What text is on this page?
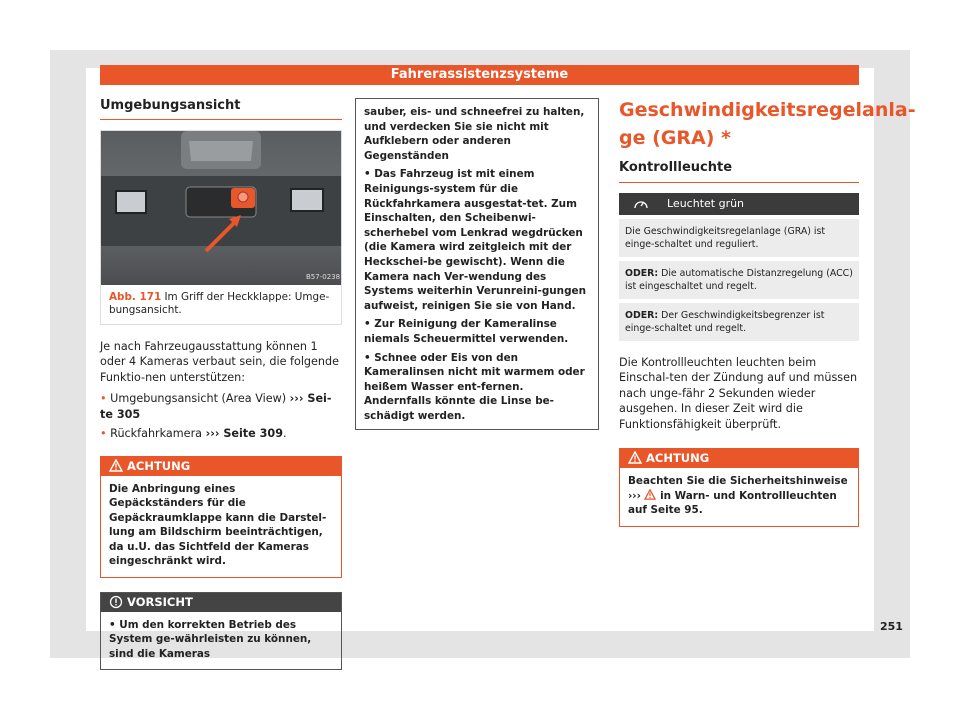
Fahrerassistenzsysteme
Umgebungsansicht
B57-0238
Abb. 171 Im Griff der Heckklappe: Umge-bungsansicht.
Je nach Fahrzeugausstattung können 1 oder 4 Kameras verbaut sein, die folgende Funktio-nen unterstützen:
• Umgebungsansicht (Area View) ››› Sei-te 305
• Rückfahrkamera ››› Seite 309.
ACHTUNG
Die Anbringung eines Gepäckständers für die Gepäckraumklappe kann die Darstel-lung am Bildschirm beeinträchtigen, da u.U. das Sichtfeld der Kameras eingeschränkt wird.
VORSICHT
• Um den korrekten Betrieb des System ge-währleisten zu können, sind die Kameras
sauber, eis- und schneefrei zu halten, und verdecken Sie sie nicht mit Aufklebern oder anderen Gegenständen
• Das Fahrzeug ist mit einem Reinigungs-system für die Rückfahrkamera ausgestat-tet. Zum Einschalten, den Scheibenwi-scherhebel vom Lenkrad wegdrücken (die Kamera wird zeitgleich mit der Heckschei-be gewischt). Wenn die Kamera nach Ver-wendung des Systems weiterhin Verunreini-gungen aufweist, reinigen Sie sie von Hand.
• Zur Reinigung der Kameralinse niemals Scheuermittel verwenden.
• Schnee oder Eis von den Kameralinsen nicht mit warmem oder heißem Wasser ent-fernen. Andernfalls könnte die Linse be-schädigt werden.
Geschwindigkeitsregelanla-
ge (GRA) *
Kontrollleuchte
Leuchtet grün
Die Geschwindigkeitsregelanlage (GRA) ist einge-schaltet und reguliert.
ODER: Die automatische Distanzregelung (ACC) ist eingeschaltet und regelt.
ODER: Der Geschwindigkeitsbegrenzer ist einge-schaltet und regelt.
Die Kontrollleuchten leuchten beim Einschal-ten der Zündung auf und müssen nach unge-fähr 2 Sekunden wieder ausgehen. In dieser Zeit wird die Funktionsfähigkeit überprüft.
ACHTUNG
Beachten Sie die Sicherheitshinweise ››› in Warn- und Kontrollleuchten auf Seite 95.
251
